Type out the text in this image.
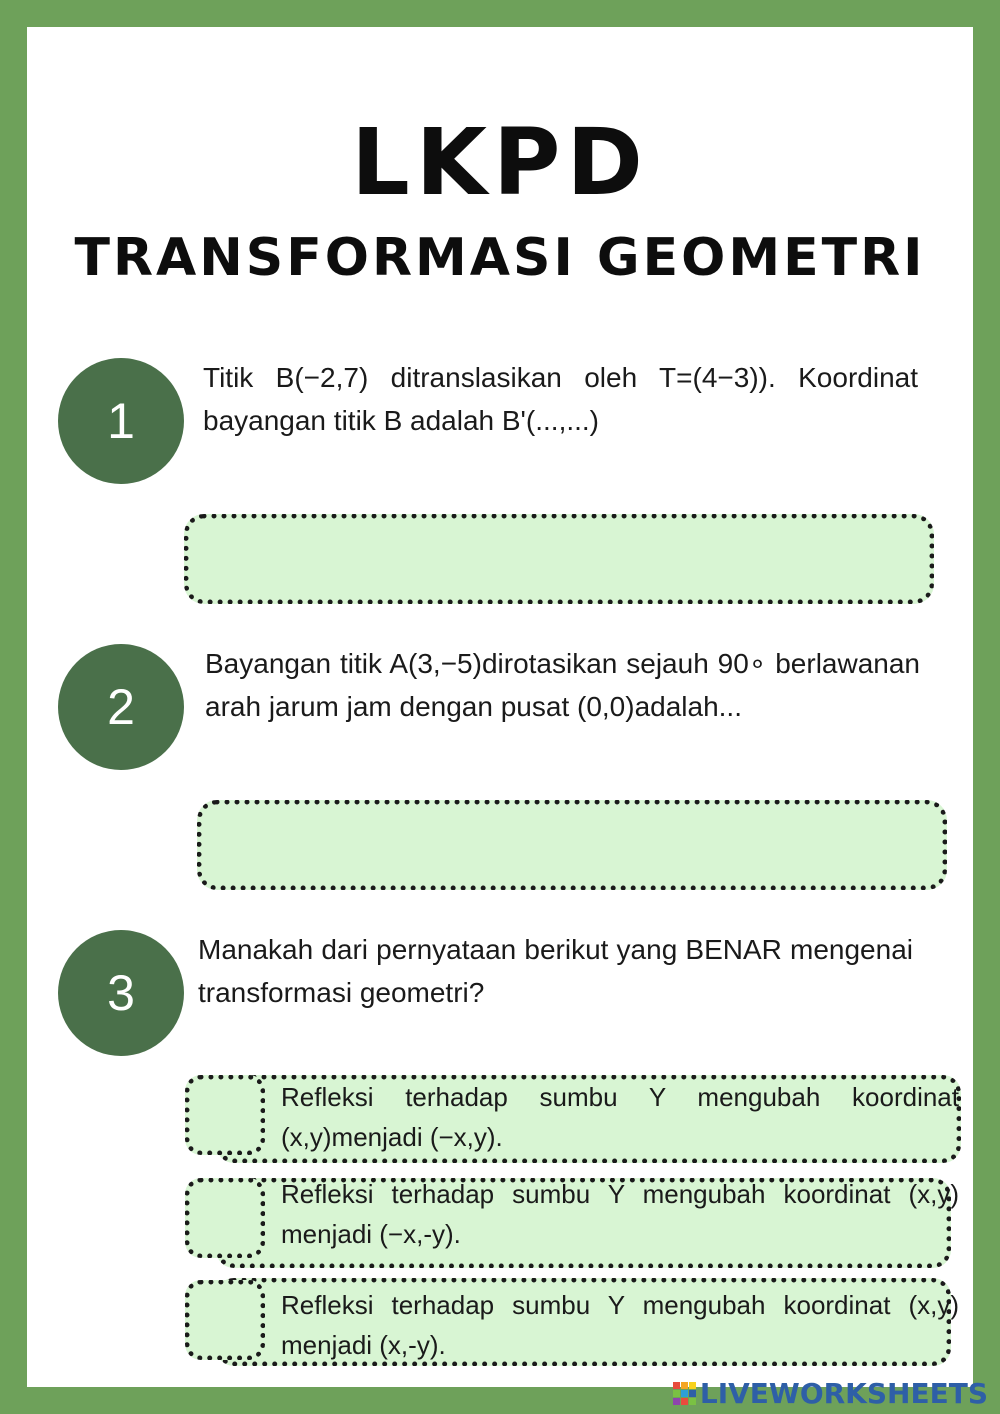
LKPD
TRANSFORMASI GEOMETRI
1
Titik B(−2,7) ditranslasikan oleh T=(4−3)). Koordinat bayangan titik B adalah B'(...,...)
2
Bayangan titik A(3,−5)dirotasikan sejauh 90∘ berlawanan arah jarum jam dengan pusat (0,0)adalah...
3
Manakah dari pernyataan berikut yang BENAR mengenai transformasi geometri?
Refleksi terhadap sumbu Y mengubah koordinat (x,y)menjadi (−x,y).
Refleksi terhadap sumbu Y mengubah koordinat (x,y) menjadi (−x,-y).
Refleksi terhadap sumbu Y mengubah koordinat (x,y) menjadi (x,-y).
LIVEWORKSHEETS
